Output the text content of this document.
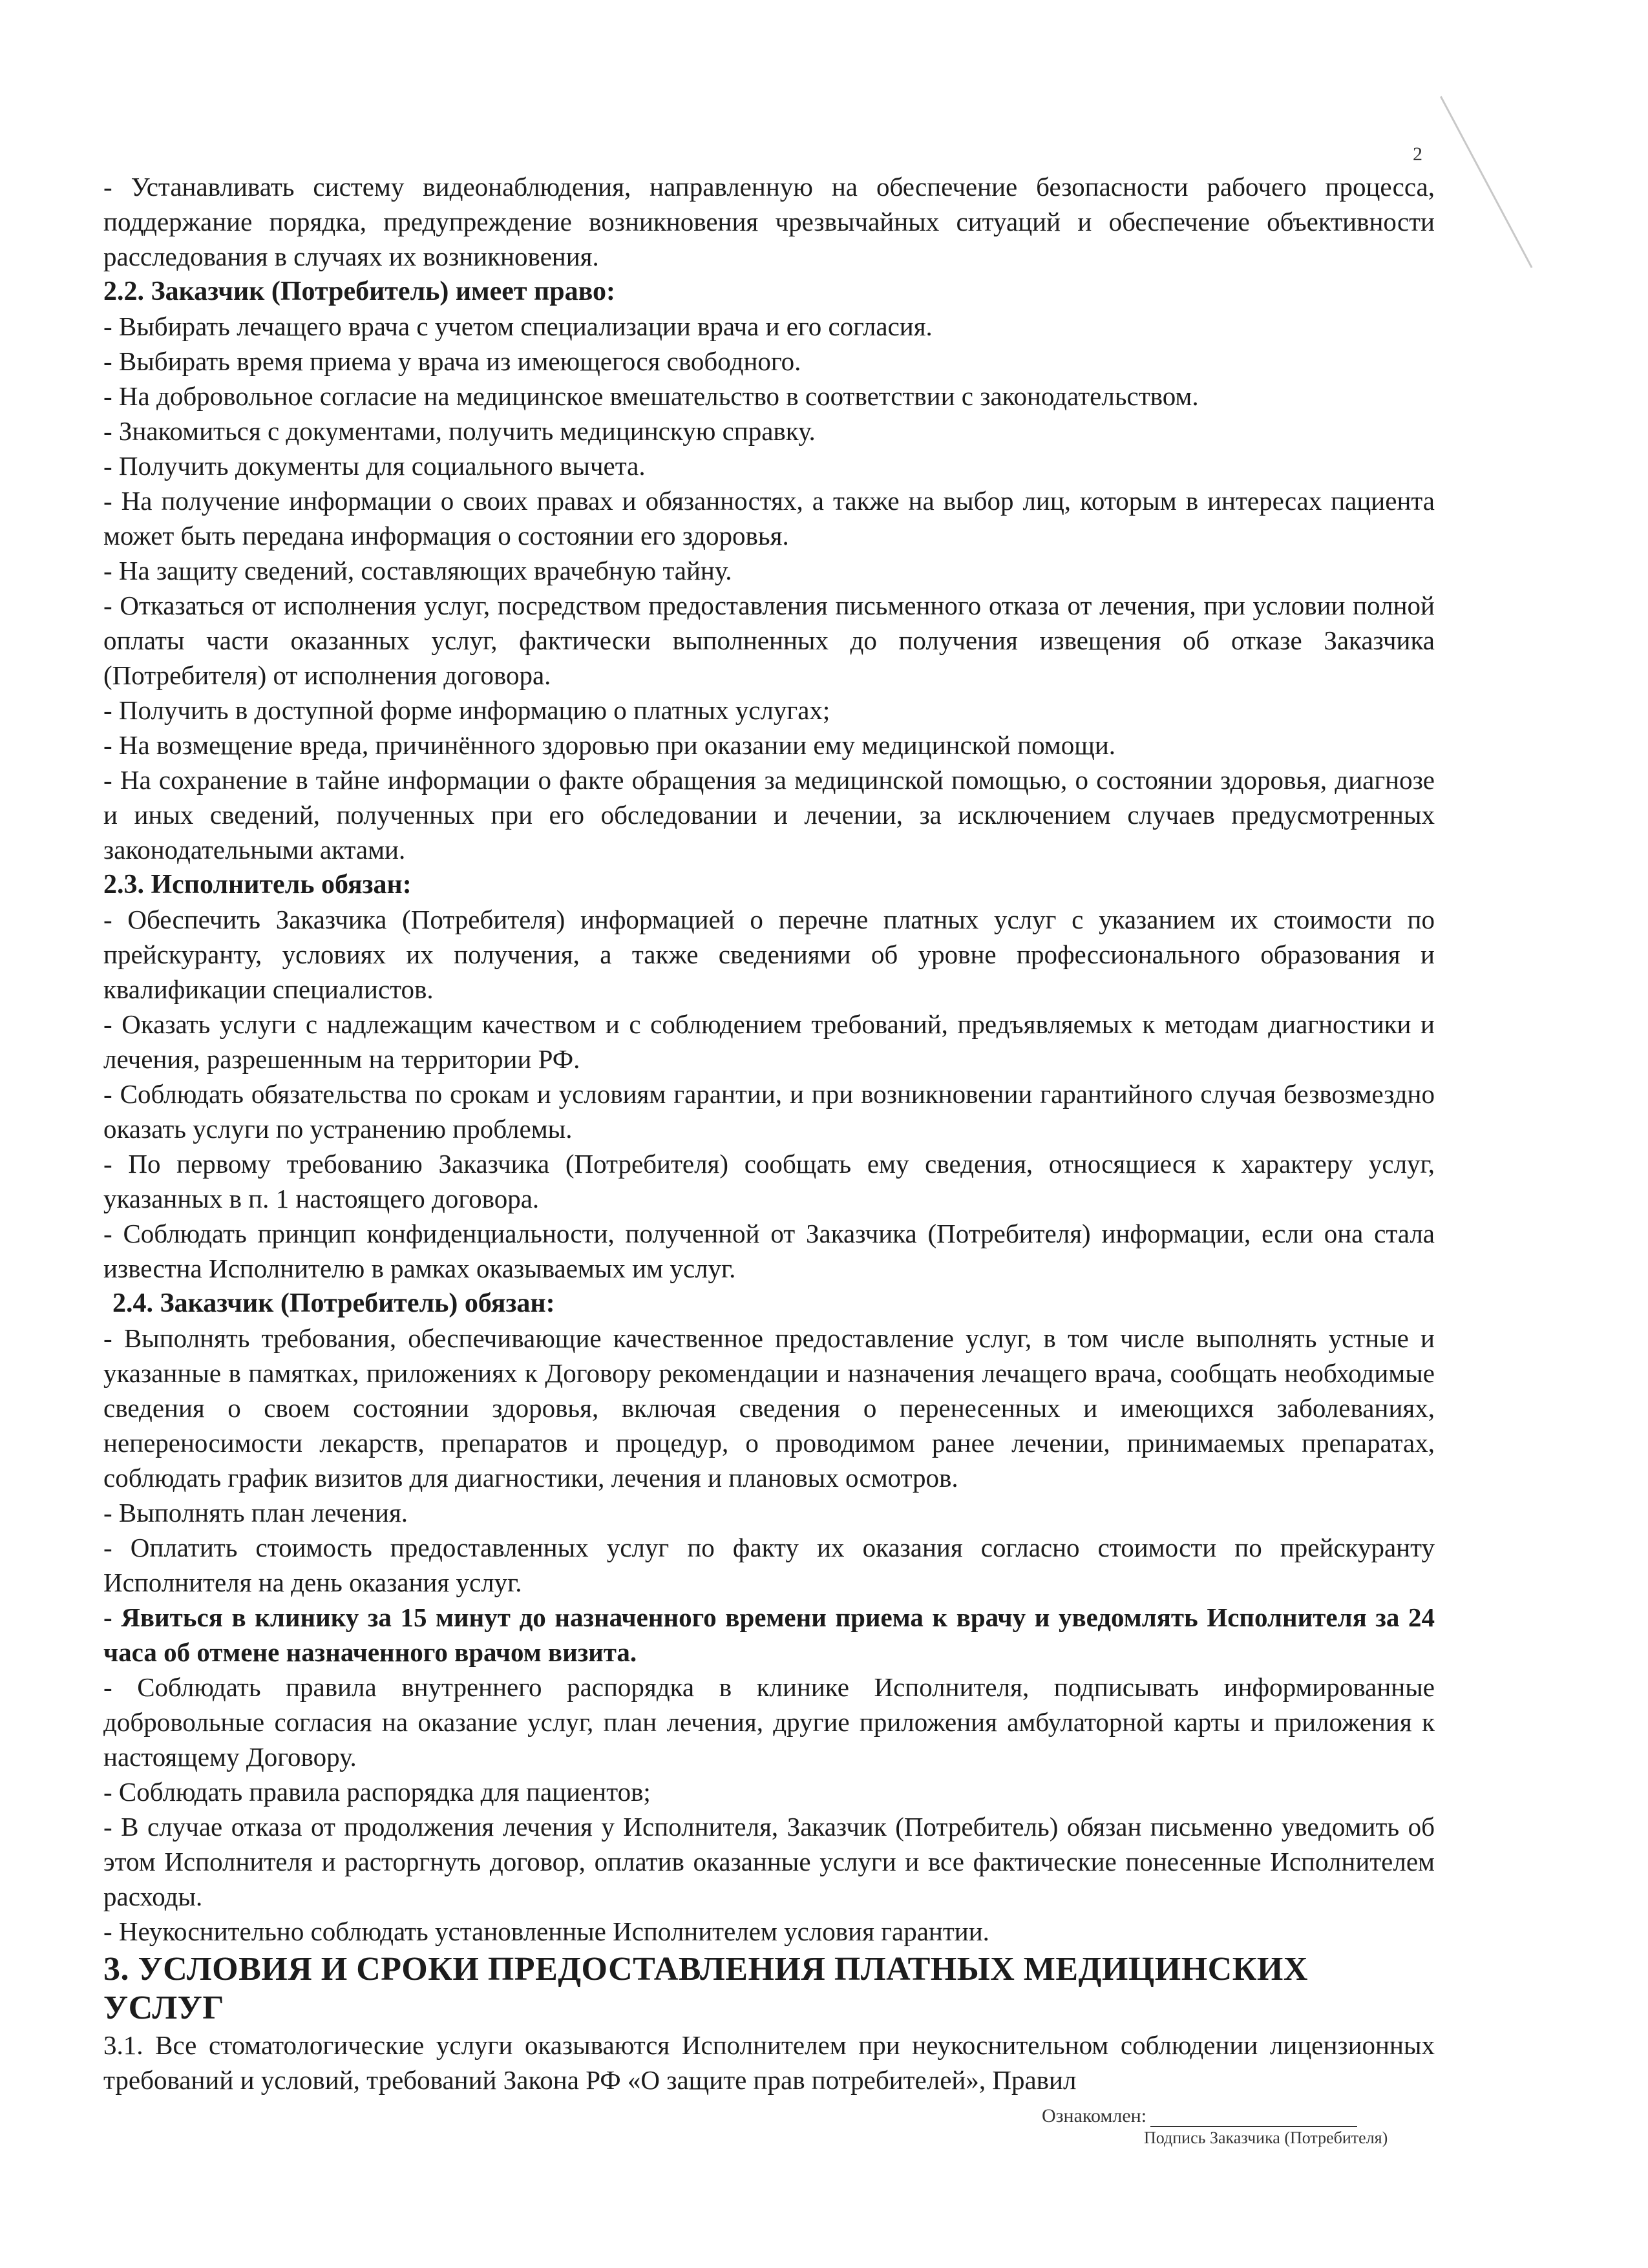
2

- Устанавливать систему видеонаблюдения, направленную на обеспечение безопасности рабочего процесса, поддержание порядка, предупреждение возникновения чрезвычайных ситуаций и обеспечение объективности расследования в случаях их возникновения.

2.2. Заказчик (Потребитель) имеет право:

- Выбирать лечащего врача с учетом специализации врача и его согласия.

- Выбирать время приема у врача из имеющегося свободного.

- На добровольное согласие на медицинское вмешательство в соответствии с законодательством.

- Знакомиться с документами, получить медицинскую справку.

- Получить документы для социального вычета.

- На получение информации о своих правах и обязанностях, а также на выбор лиц, которым в интересах пациента может быть передана информация о состоянии его здоровья.

- На защиту сведений, составляющих врачебную тайну.

- Отказаться от исполнения услуг, посредством предоставления письменного отказа от лечения, при условии полной оплаты части оказанных услуг, фактически выполненных до получения извещения об отказе Заказчика (Потребителя) от исполнения договора.

- Получить в доступной форме информацию о платных услугах;

- На возмещение вреда, причинённого здоровью при оказании ему медицинской помощи.

- На сохранение в тайне информации о факте обращения за медицинской помощью, о состоянии здоровья, диагнозе и иных сведений, полученных при его обследовании и лечении, за исключением случаев предусмотренных законодательными актами.

2.3. Исполнитель обязан:

- Обеспечить Заказчика (Потребителя) информацией о перечне платных услуг с указанием их стоимости по прейскуранту, условиях их получения, а также сведениями об уровне профессионального образования и квалификации специалистов.

- Оказать услуги с надлежащим качеством и с соблюдением требований, предъявляемых к методам диагностики и лечения, разрешенным на территории РФ.

- Соблюдать обязательства по срокам и условиям гарантии, и при возникновении гарантийного случая безвозмездно оказать услуги по устранению проблемы.

- По первому требованию Заказчика (Потребителя) сообщать ему сведения, относящиеся к характеру услуг, указанных в п. 1 настоящего договора.

- Соблюдать принцип конфиденциальности, полученной от Заказчика (Потребителя) информации, если она стала известна Исполнителю в рамках оказываемых им услуг.

2.4. Заказчик (Потребитель) обязан:

- Выполнять требования, обеспечивающие качественное предоставление услуг, в том числе выполнять устные и указанные в памятках, приложениях к Договору рекомендации и назначения лечащего врача, сообщать необходимые сведения о своем состоянии здоровья, включая сведения о перенесенных и имеющихся заболеваниях, непереносимости лекарств, препаратов и процедур, о проводимом ранее лечении, принимаемых препаратах, соблюдать график визитов для диагностики, лечения и плановых осмотров.

- Выполнять план лечения.

- Оплатить стоимость предоставленных услуг по факту их оказания согласно стоимости по прейскуранту Исполнителя на день оказания услуг.

- Явиться в клинику за 15 минут до назначенного времени приема к врачу и уведомлять Исполнителя за 24 часа об отмене назначенного врачом визита.

- Соблюдать правила внутреннего распорядка в клинике Исполнителя, подписывать информированные добровольные согласия на оказание услуг, план лечения, другие приложения амбулаторной карты и приложения к настоящему Договору.

- Соблюдать правила распорядка для пациентов;

- В случае отказа от продолжения лечения у Исполнителя, Заказчик (Потребитель) обязан письменно уведомить об этом Исполнителя и расторгнуть договор, оплатив оказанные услуги и все фактические понесенные Исполнителем расходы.

- Неукоснительно соблюдать установленные Исполнителем условия гарантии.

3. УСЛОВИЯ И СРОКИ ПРЕДОСТАВЛЕНИЯ ПЛАТНЫХ МЕДИЦИНСКИХ УСЛУГ

3.1. Все стоматологические услуги оказываются Исполнителем при неукоснительном соблюдении лицензионных требований и условий, требований Закона РФ «О защите прав потребителей», Правил

Ознакомлен:
Подпись Заказчика (Потребителя)
